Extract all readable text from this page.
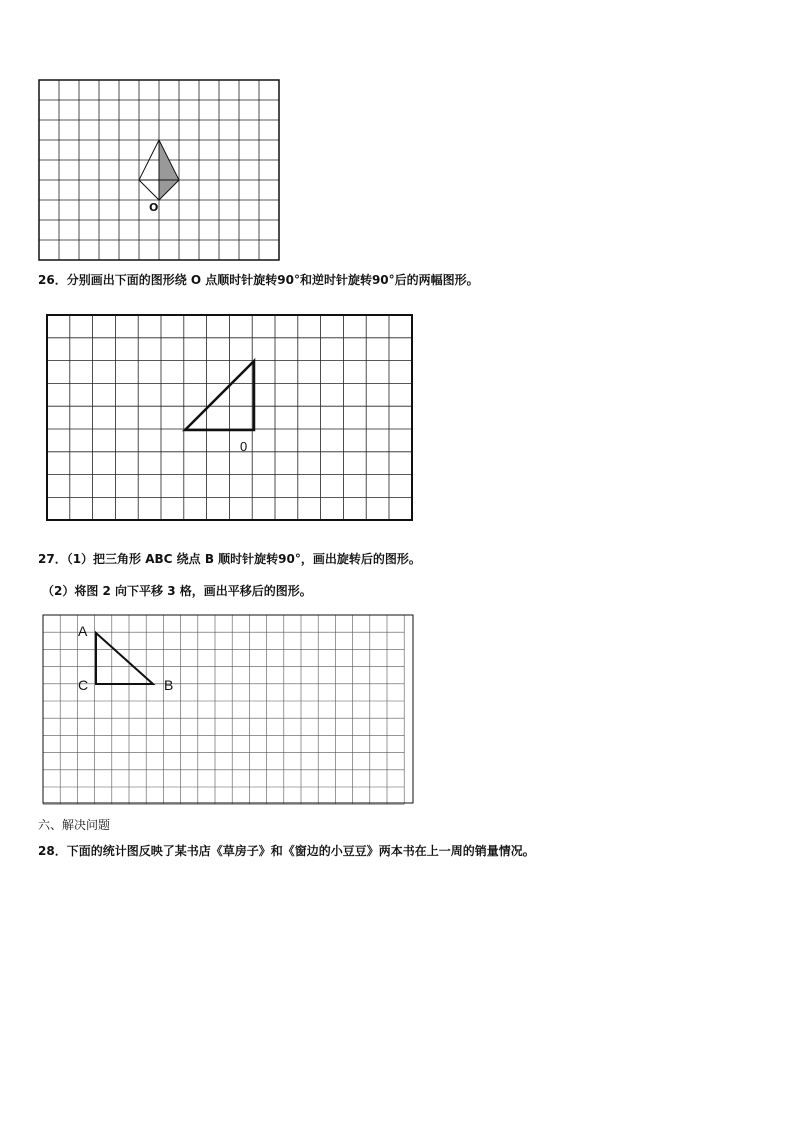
O
26．分别画出下面的图形绕 O 点顺时针旋转90°和逆时针旋转90°后的两幅图形。
0
27．（1）把三角形 ABC 绕点 B 顺时针旋转90°，画出旋转后的图形。
（2）将图 2 向下平移 3 格，画出平移后的图形。
A
C	B
六、解决问题
28．下面的统计图反映了某书店《草房子》和《窗边的小豆豆》两本书在上一周的销量情况。
